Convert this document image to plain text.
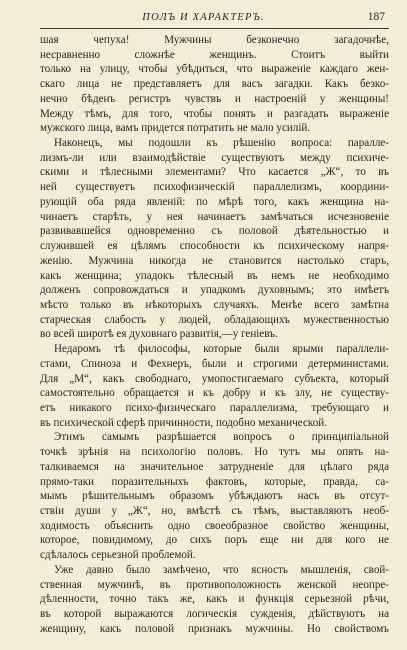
ПОЛЪ И ХАРАКТЕРЪ.	187
шая чепуха! Мужчины безконечно загадочнѣе,
несравненно сложнѣе женщинъ. Стоитъ выйти
только на улицу, чтобы убѣдиться, что выраженіе каждаго жен-
скаго лица не представляетъ для васъ загадки. Какъ безко-
нечно бѣденъ регистръ чувствъ и настроеній у женщины!
Между тѣмъ, для того, чтобы понять и разгадать выраженіе
мужского лица, вамъ придется потратить не мало усилій.
Наконецъ, мы подошли къ рѣшенію вопроса: паралле-
лизмъ-ли или взаимодѣйствіе существуютъ между психиче-
скими и тѣлесными элементами? Что касается „Ж“, то въ
ней существуетъ психофизическій параллелизмъ, координи-
рующій оба ряда явленій: по мѣрѣ того, какъ женщина на-
чинаетъ старѣть, у нея начинаетъ замѣчаться исчезновеніе
развивавшейся одновременно съ половой дѣятельностью и
служившей ея цѣлямъ способности къ психическому напря-
женію. Мужчина никогда не становится настолько старъ,
какъ женщина; упадокъ тѣлесный въ немъ не необходимо
долженъ сопровождаться и упадкомъ духовнымъ; это имѣетъ
мѣсто только въ нѣкоторыхъ случаяхъ. Менѣе всего замѣтна
старческая слабость у людей, обладающихъ мужественностью
во всей широтѣ ея духовнаго развитія,—у геніевъ.
Недаромъ тѣ философы, которые были ярыми параллели-
стами, Спиноза и Фехнеръ, были и строгими детерминистами.
Для „М“, какъ свободнаго, умопостигаемаго субъекта, который
самостоятельно обращается и къ добру и къ злу, не существу-
етъ никакого психо-физическаго параллелизма, требующаго и
въ психической сферѣ причинности, подобно механической.
Этимъ самымъ разрѣшается вопросъ о принципіальной
точкѣ зрѣнія на психологію половъ. Но тутъ мы опять на-
талкиваемся на значительное затрудненіе для цѣлаго ряда
прямо-таки поразительныхъ фактовъ, которые, правда, са-
мымъ рѣшительнымъ образомъ убѣждаютъ насъ въ отсут-
ствіи души у „Ж“, но, вмѣстѣ съ тѣмъ, выставляютъ необ-
ходимость объяснить одно своеобразное свойство женщины,
которое, повидимому, до сихъ поръ еще ни для кого не
сдѣлалось серьезной проблемой.
Уже давно было замѣчено, что ясность мышленія, свой-
ственная мужчинѣ, въ противоположность женской неопре-
дѣленности, точно такъ же, какъ и функція серьезной рѣчи,
въ которой выражаются логическія сужденія, дѣйствуютъ на
женщину, какъ половой признакъ мужчины. Но свойствомъ
